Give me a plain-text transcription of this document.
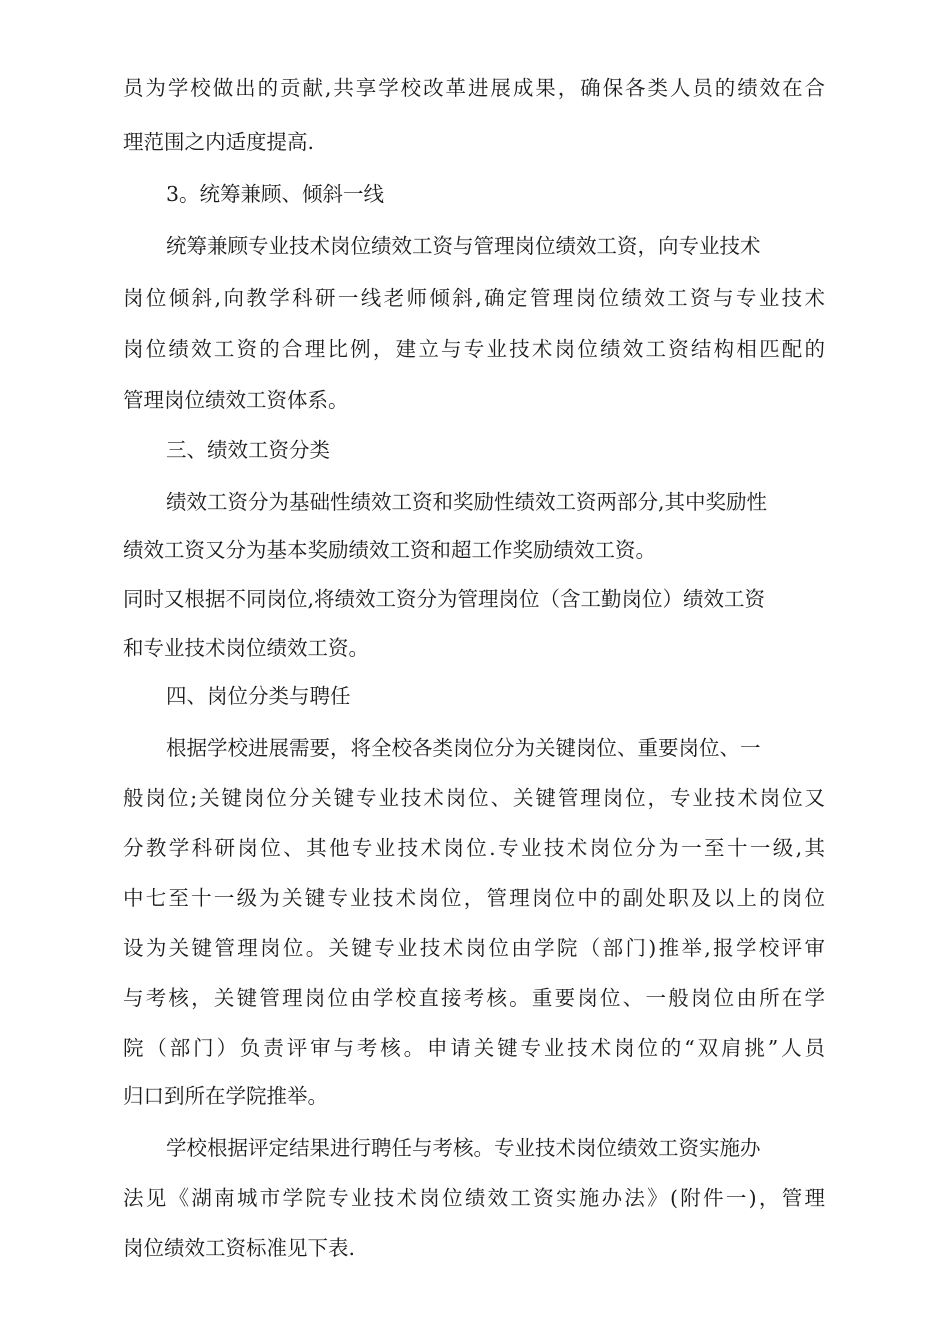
员为学校做出的贡献,共享学校改革进展成果，确保各类人员的绩效在合
理范围之内适度提高.
3。统筹兼顾、倾斜一线
统筹兼顾专业技术岗位绩效工资与管理岗位绩效工资，向专业技术
岗位倾斜,向教学科研一线老师倾斜,确定管理岗位绩效工资与专业技术
岗位绩效工资的合理比例，建立与专业技术岗位绩效工资结构相匹配的
管理岗位绩效工资体系。
三、绩效工资分类
绩效工资分为基础性绩效工资和奖励性绩效工资两部分,其中奖励性
绩效工资又分为基本奖励绩效工资和超工作奖励绩效工资。
同时又根据不同岗位,将绩效工资分为管理岗位（含工勤岗位）绩效工资
和专业技术岗位绩效工资。
四、岗位分类与聘任
根据学校进展需要，将全校各类岗位分为关键岗位、重要岗位、一
般岗位;关键岗位分关键专业技术岗位、关键管理岗位，专业技术岗位又
分教学科研岗位、其他专业技术岗位.专业技术岗位分为一至十一级,其
中七至十一级为关键专业技术岗位，管理岗位中的副处职及以上的岗位
设为关键管理岗位。关键专业技术岗位由学院（部门)推举,报学校评审
与考核，关键管理岗位由学校直接考核。重要岗位、一般岗位由所在学
院（部门）负责评审与考核。申请关键专业技术岗位的“双肩挑”人员
归口到所在学院推举。
学校根据评定结果进行聘任与考核。专业技术岗位绩效工资实施办
法见《湖南城市学院专业技术岗位绩效工资实施办法》(附件一)，管理
岗位绩效工资标准见下表.
